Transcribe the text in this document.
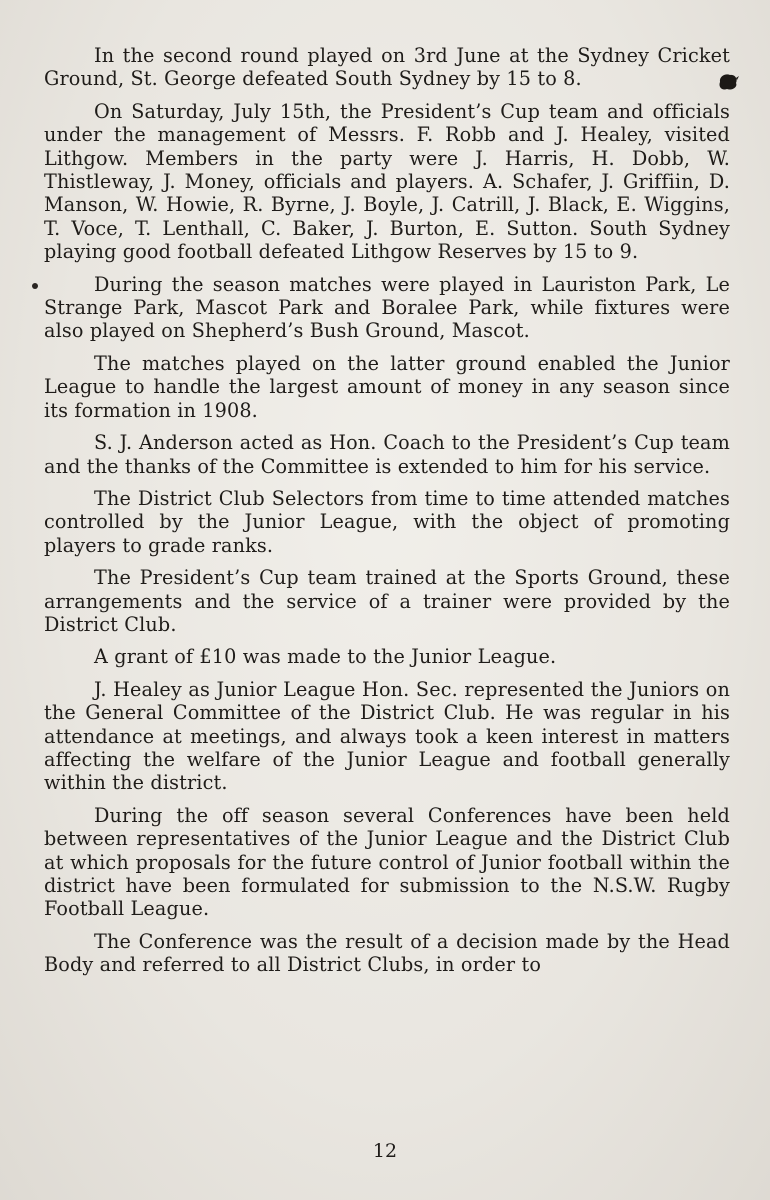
In the second round played on 3rd June at the Sydney Cricket Ground, St. George defeated South Sydney by 15 to 8.

On Saturday, July 15th, the President’s Cup team and officials under the management of Messrs. F. Robb and J. Healey, visited Lithgow. Members in the party were J. Harris, H. Dobb, W. Thistleway, J. Money, officials and players. A. Schafer, J. Griffiin, D. Manson, W. Howie, R. Byrne, J. Boyle, J. Catrill, J. Black, E. Wiggins, T. Voce, T. Lenthall, C. Baker, J. Burton, E. Sutton. South Sydney playing good football defeated Lithgow Reserves by 15 to 9.

During the season matches were played in Lauriston Park, Le Strange Park, Mascot Park and Boralee Park, while fixtures were also played on Shepherd’s Bush Ground, Mascot.

The matches played on the latter ground enabled the Junior League to handle the largest amount of money in any season since its formation in 1908.

S. J. Anderson acted as Hon. Coach to the President’s Cup team and the thanks of the Committee is extended to him for his service.

The District Club Selectors from time to time attended matches controlled by the Junior League, with the object of promoting players to grade ranks.

The President’s Cup team trained at the Sports Ground, these arrangements and the service of a trainer were provided by the District Club.

A grant of £10 was made to the Junior League.

J. Healey as Junior League Hon. Sec. represented the Juniors on the General Committee of the District Club. He was regular in his attendance at meetings, and always took a keen interest in matters affecting the welfare of the Junior League and football generally within the district.

During the off season several Conferences have been held between representatives of the Junior League and the District Club at which proposals for the future control of Junior football within the district have been formulated for submission to the N.S.W. Rugby Football League.

The Conference was the result of a decision made by the Head Body and referred to all District Clubs, in order to

12
